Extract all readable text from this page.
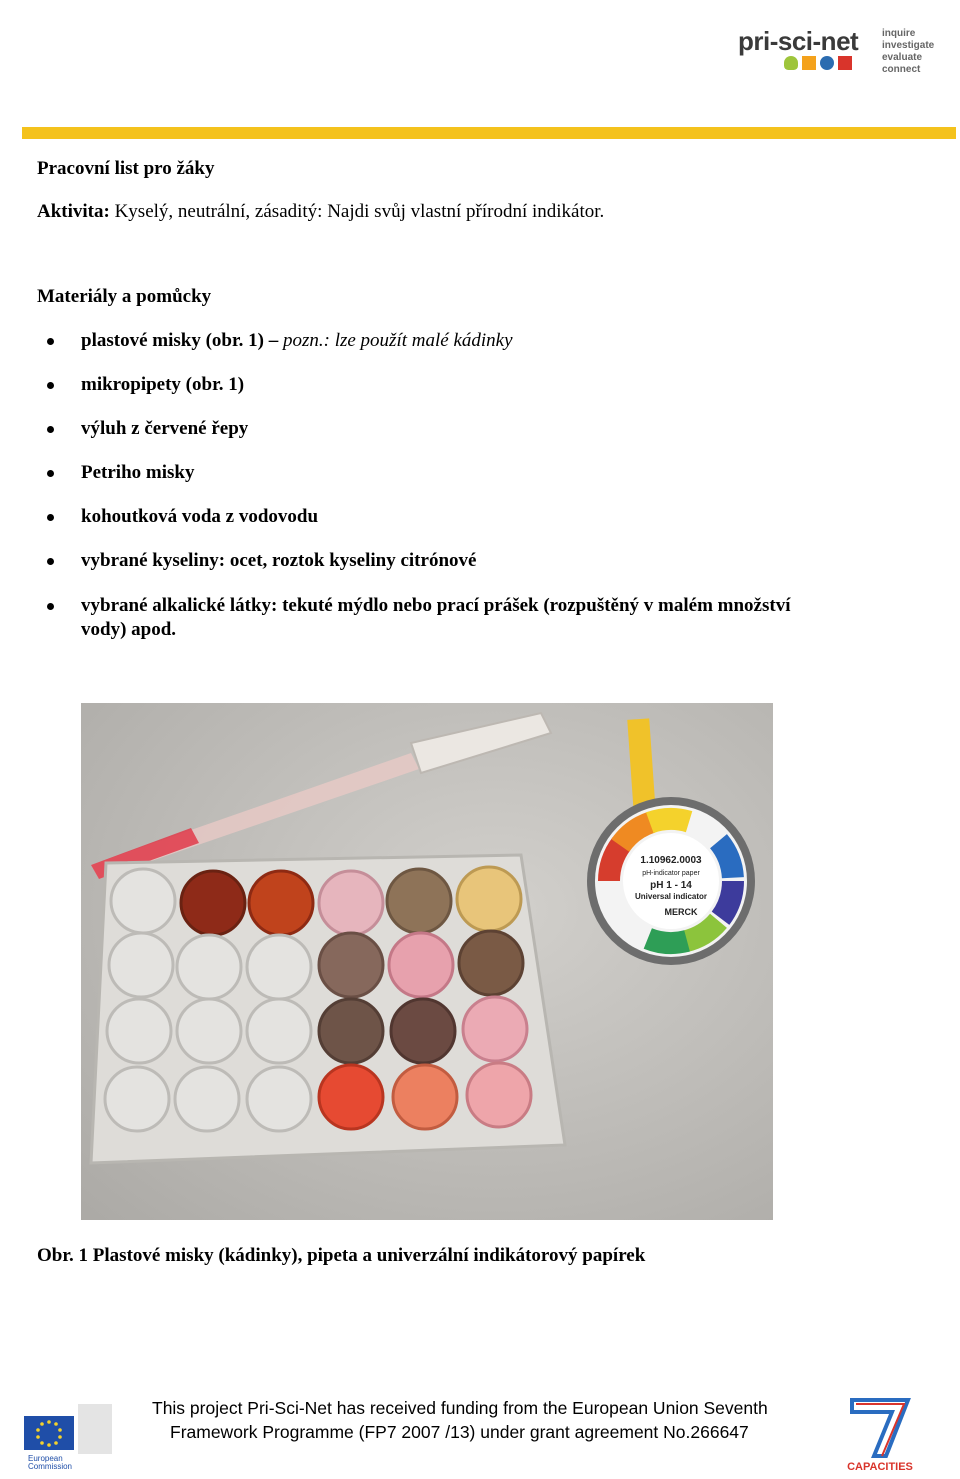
pri-sci-net inquire
investigate
evaluate
connect
Pracovní list pro žáky
Aktivita: Kyselý, neutrální, zásaditý: Najdi svůj vlastní přírodní indikátor.
Materiály a pomůcky
plastové misky (obr. 1) – pozn.: lze použít malé kádinky
mikropipety (obr. 1)
výluh z červené řepy
Petriho misky
kohoutková voda z vodovodu
vybrané kyseliny: ocet, roztok kyseliny citrónové
vybrané alkalické látky: tekuté mýdlo nebo prací prášek (rozpuštěný v malém množství
vody) apod.
1.10962.0003
pH-indicator paper
pH 1 - 14
Universal indicator
MERCK
Obr. 1 Plastové misky (kádinky), pipeta a univerzální indikátorový papírek
European
Commission
This project Pri-Sci-Net has received funding from the European Union Seventh
Framework Programme (FP7 2007 /13) under grant agreement No.266647
CAPACITIES
